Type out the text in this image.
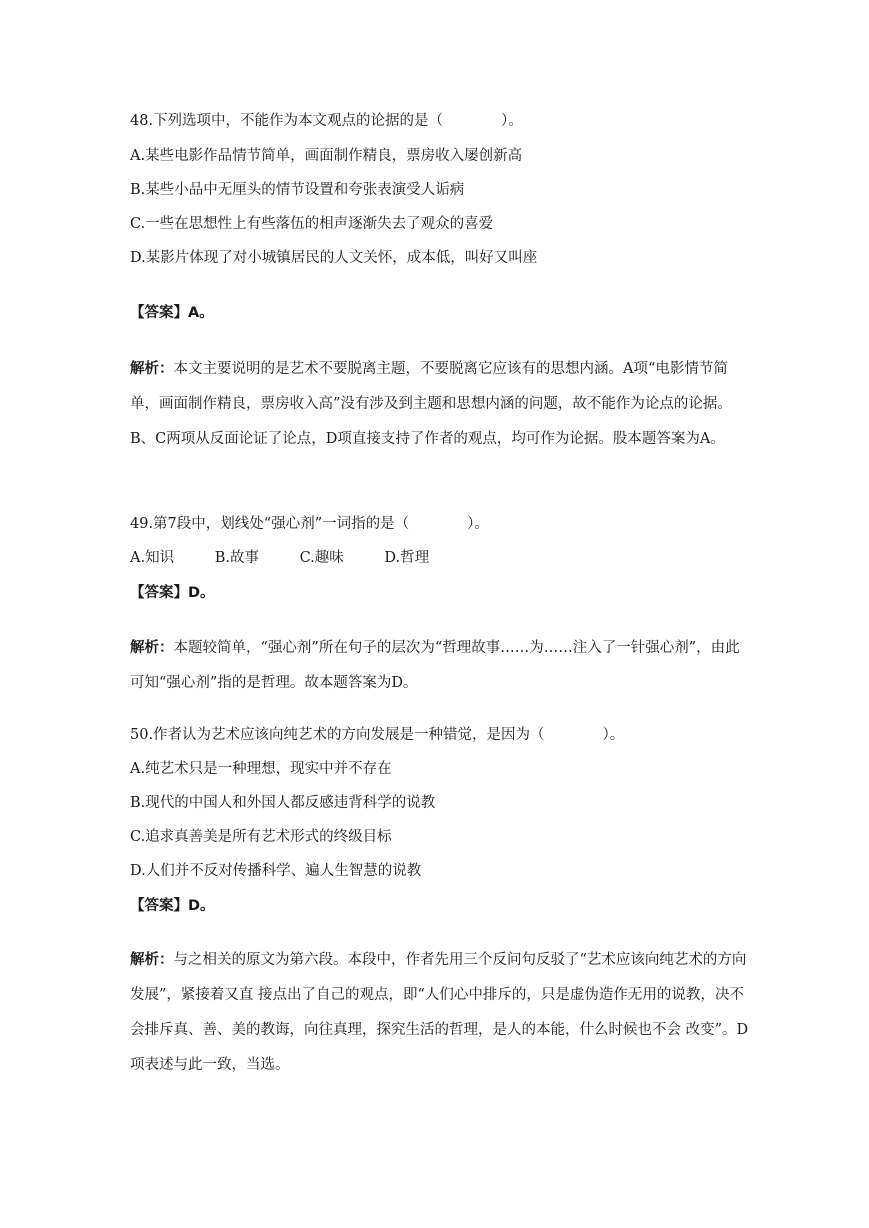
48.下列选项中，不能作为本文观点的论据的是（　　　　）。
A.某些电影作品情节简单，画面制作精良，票房收入屡创新高
B.某些小品中无厘头的情节设置和夸张表演受人诟病
C.一些在思想性上有些落伍的相声逐渐失去了观众的喜爱
D.某影片体现了对小城镇居民的人文关怀，成本低，叫好又叫座
【答案】A。
解析：本文主要说明的是艺术不要脱离主题，不要脱离它应该有的思想内涵。A项“电影情节简单，画面制作精良，票房收入高”没有涉及到主题和思想内涵的问题，故不能作为论点的论据。B、C两项从反面论证了论点，D项直接支持了作者的观点，均可作为论据。股本题答案为A。
49.第7段中，划线处“强心剂”一词指的是（　　　　）。
A.知识	B.故事	C.趣味	D.哲理
【答案】D。
解析：本题较简单，“强心剂”所在句子的层次为“哲理故事……为……注入了一针强心剂”，由此可知“强心剂”指的是哲理。故本题答案为D。
50.作者认为艺术应该向纯艺术的方向发展是一种错觉，是因为（　　　　）。
A.纯艺术只是一种理想，现实中并不存在
B.现代的中国人和外国人都反感违背科学的说教
C.追求真善美是所有艺术形式的终级目标
D.人们并不反对传播科学、遍人生智慧的说教
【答案】D。
解析：与之相关的原文为第六段。本段中，作者先用三个反问句反驳了“艺术应该向纯艺术的方向发展”，紧接着又直 接点出了自己的观点，即“人们心中排斥的，只是虚伪造作无用的说教，决不会排斥真、善、美的教诲，向往真理，探究生活的哲理，是人的本能，什么时候也不会 改变”。D项表述与此一致，当选。
